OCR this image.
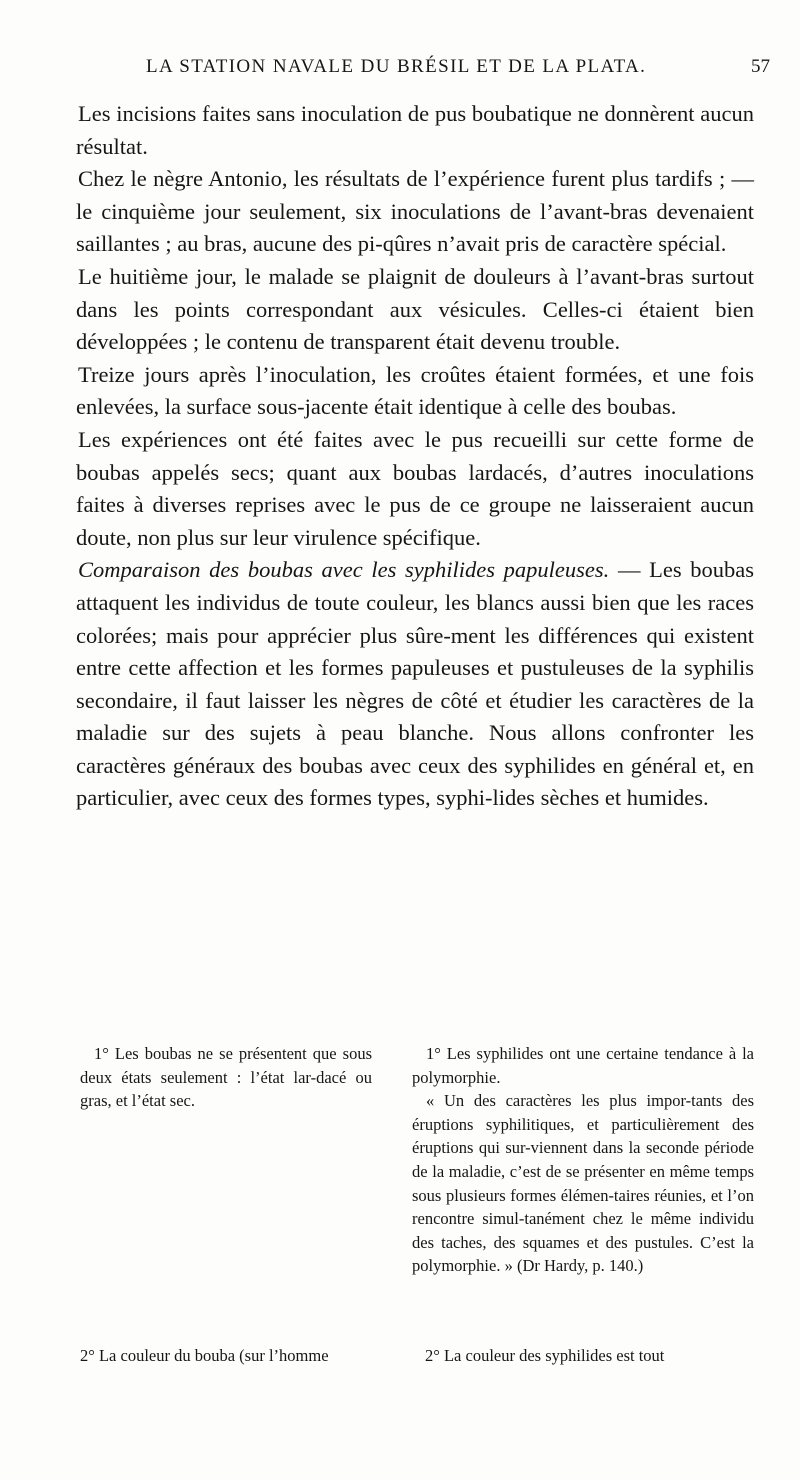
LA STATION NAVALE DU BRÉSIL ET DE LA PLATA.	57

Les incisions faites sans inoculation de pus boubatique ne donnèrent aucun résultat.

Chez le nègre Antonio, les résultats de l’expérience furent plus tardifs ; — le cinquième jour seulement, six inoculations de l’avant-bras devenaient saillantes ; au bras, aucune des pi-qûres n’avait pris de caractère spécial.

Le huitième jour, le malade se plaignit de douleurs à l’avant-bras surtout dans les points correspondant aux vésicules. Celles-ci étaient bien développées ; le contenu de transparent était devenu trouble.

Treize jours après l’inoculation, les croûtes étaient formées, et une fois enlevées, la surface sous-jacente était identique à celle des boubas.

Les expériences ont été faites avec le pus recueilli sur cette forme de boubas appelés secs; quant aux boubas lardacés, d’autres inoculations faites à diverses reprises avec le pus de ce groupe ne laisseraient aucun doute, non plus sur leur virulence spécifique.

Comparaison des boubas avec les syphilides papuleuses. — Les boubas attaquent les individus de toute couleur, les blancs aussi bien que les races colorées; mais pour apprécier plus sûre-ment les différences qui existent entre cette affection et les formes papuleuses et pustuleuses de la syphilis secondaire, il faut laisser les nègres de côté et étudier les caractères de la maladie sur des sujets à peau blanche. Nous allons confronter les caractères généraux des boubas avec ceux des syphilides en général et, en particulier, avec ceux des formes types, syphi-lides sèches et humides.

1° Les boubas ne se présentent que sous deux états seulement : l’état lar-dacé ou gras, et l’état sec.

1° Les syphilides ont une certaine tendance à la polymorphie.

« Un des caractères les plus impor-tants des éruptions syphilitiques, et particulièrement des éruptions qui sur-viennent dans la seconde période de la maladie, c’est de se présenter en même temps sous plusieurs formes élémen-taires réunies, et l’on rencontre simul-tanément chez le même individu des taches, des squames et des pustules. C’est la polymorphie. » (Dr Hardy, p. 140.)

2° La couleur du bouba (sur l’homme	2° La couleur des syphilides est tout
